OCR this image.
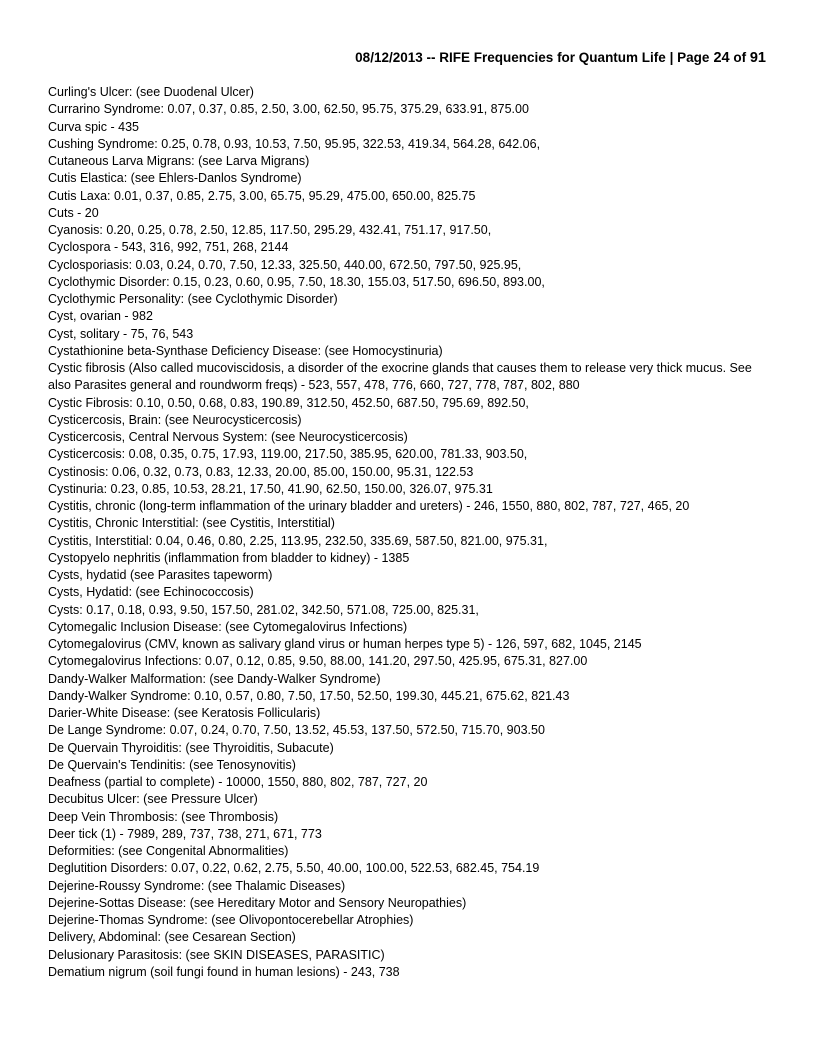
08/12/2013 -- RIFE Frequencies for Quantum Life | Page 24 of 91

Curling's Ulcer: (see Duodenal Ulcer)

Currarino Syndrome: 0.07, 0.37, 0.85, 2.50, 3.00, 62.50, 95.75, 375.29, 633.91, 875.00

Curva spic - 435

Cushing Syndrome: 0.25, 0.78, 0.93, 10.53, 7.50, 95.95, 322.53, 419.34, 564.28, 642.06,

Cutaneous Larva Migrans: (see Larva Migrans)

Cutis Elastica: (see Ehlers-Danlos Syndrome)

Cutis Laxa: 0.01, 0.37, 0.85, 2.75, 3.00, 65.75, 95.29, 475.00, 650.00, 825.75

Cuts - 20

Cyanosis: 0.20, 0.25, 0.78, 2.50, 12.85, 117.50, 295.29, 432.41, 751.17, 917.50,

Cyclospora - 543, 316, 992, 751, 268, 2144

Cyclosporiasis: 0.03, 0.24, 0.70, 7.50, 12.33, 325.50, 440.00, 672.50, 797.50, 925.95,

Cyclothymic Disorder: 0.15, 0.23, 0.60, 0.95, 7.50, 18.30, 155.03, 517.50, 696.50, 893.00,

Cyclothymic Personality: (see Cyclothymic Disorder)

Cyst, ovarian - 982

Cyst, solitary - 75, 76, 543

Cystathionine beta-Synthase Deficiency Disease: (see Homocystinuria)

Cystic fibrosis (Also called mucoviscidosis, a disorder of the exocrine glands that causes them to release very thick mucus. See also Parasites general and roundworm freqs) - 523, 557, 478, 776, 660, 727, 778, 787, 802, 880

Cystic Fibrosis: 0.10, 0.50, 0.68, 0.83, 190.89, 312.50, 452.50, 687.50, 795.69, 892.50,

Cysticercosis, Brain: (see Neurocysticercosis)

Cysticercosis, Central Nervous System: (see Neurocysticercosis)

Cysticercosis: 0.08, 0.35, 0.75, 17.93, 119.00, 217.50, 385.95, 620.00, 781.33, 903.50,

Cystinosis: 0.06, 0.32, 0.73, 0.83, 12.33, 20.00, 85.00, 150.00, 95.31, 122.53

Cystinuria: 0.23, 0.85, 10.53, 28.21, 17.50, 41.90, 62.50, 150.00, 326.07, 975.31

Cystitis, chronic (long-term inflammation of the urinary bladder and ureters) - 246, 1550, 880, 802, 787, 727, 465, 20

Cystitis, Chronic Interstitial: (see Cystitis, Interstitial)

Cystitis, Interstitial: 0.04, 0.46, 0.80, 2.25, 113.95, 232.50, 335.69, 587.50, 821.00, 975.31,

Cystopyelo nephritis (inflammation from bladder to kidney) - 1385

Cysts, hydatid (see Parasites tapeworm)

Cysts, Hydatid: (see Echinococcosis)

Cysts: 0.17, 0.18, 0.93, 9.50, 157.50, 281.02, 342.50, 571.08, 725.00, 825.31,

Cytomegalic Inclusion Disease: (see Cytomegalovirus Infections)

Cytomegalovirus (CMV, known as salivary gland virus or human herpes type 5) - 126, 597, 682, 1045, 2145

Cytomegalovirus Infections: 0.07, 0.12, 0.85, 9.50, 88.00, 141.20, 297.50, 425.95, 675.31, 827.00

Dandy-Walker Malformation: (see Dandy-Walker Syndrome)

Dandy-Walker Syndrome: 0.10, 0.57, 0.80, 7.50, 17.50, 52.50, 199.30, 445.21, 675.62, 821.43

Darier-White Disease: (see Keratosis Follicularis)

De Lange Syndrome: 0.07, 0.24, 0.70, 7.50, 13.52, 45.53, 137.50, 572.50, 715.70, 903.50

De Quervain Thyroiditis: (see Thyroiditis, Subacute)

De Quervain's Tendinitis: (see Tenosynovitis)

Deafness (partial to complete) - 10000, 1550, 880, 802, 787, 727, 20

Decubitus Ulcer: (see Pressure Ulcer)

Deep Vein Thrombosis: (see Thrombosis)

Deer tick (1) - 7989, 289, 737, 738, 271, 671, 773

Deformities: (see Congenital Abnormalities)

Deglutition Disorders: 0.07, 0.22, 0.62, 2.75, 5.50, 40.00, 100.00, 522.53, 682.45, 754.19

Dejerine-Roussy Syndrome: (see Thalamic Diseases)

Dejerine-Sottas Disease: (see Hereditary Motor and Sensory Neuropathies)

Dejerine-Thomas Syndrome: (see Olivopontocerebellar Atrophies)

Delivery, Abdominal: (see Cesarean Section)

Delusionary Parasitosis: (see SKIN DISEASES, PARASITIC)

Dematium nigrum (soil fungi found in human lesions) - 243, 738
